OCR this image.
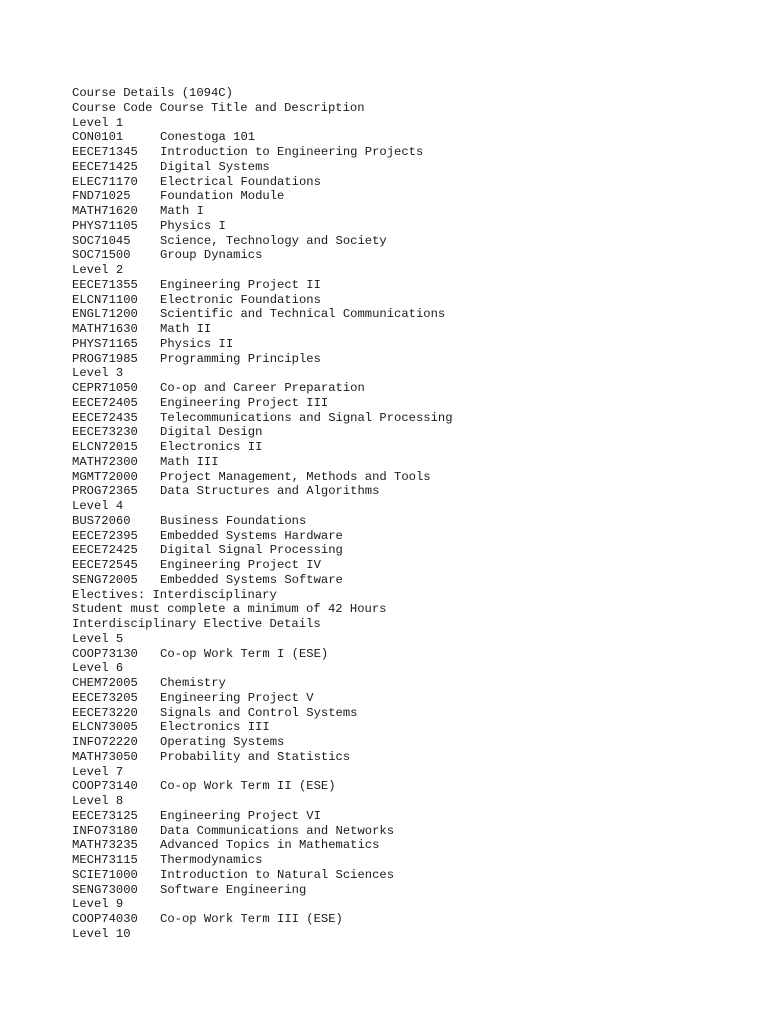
Course Details (1094C)
Course Code Course Title and Description
Level 1
CON0101	Conestoga 101
EECE71345	Introduction to Engineering Projects
EECE71425	Digital Systems
ELEC71170	Electrical Foundations
FND71025	Foundation Module
MATH71620	Math I
PHYS71105	Physics I
SOC71045	Science, Technology and Society
SOC71500	Group Dynamics
Level 2
EECE71355	Engineering Project II
ELCN71100	Electronic Foundations
ENGL71200	Scientific and Technical Communications
MATH71630	Math II
PHYS71165	Physics II
PROG71985	Programming Principles
Level 3
CEPR71050	Co-op and Career Preparation
EECE72405	Engineering Project III
EECE72435	Telecommunications and Signal Processing
EECE73230	Digital Design
ELCN72015	Electronics II
MATH72300	Math III
MGMT72000	Project Management, Methods and Tools
PROG72365	Data Structures and Algorithms
Level 4
BUS72060	Business Foundations
EECE72395	Embedded Systems Hardware
EECE72425	Digital Signal Processing
EECE72545	Engineering Project IV
SENG72005	Embedded Systems Software
Electives: Interdisciplinary
Student must complete a minimum of 42 Hours
Interdisciplinary Elective Details
Level 5
COOP73130	Co-op Work Term I (ESE)
Level 6
CHEM72005	Chemistry
EECE73205	Engineering Project V
EECE73220	Signals and Control Systems
ELCN73005	Electronics III
INFO72220	Operating Systems
MATH73050	Probability and Statistics
Level 7
COOP73140	Co-op Work Term II (ESE)
Level 8
EECE73125	Engineering Project VI
INFO73180	Data Communications and Networks
MATH73235	Advanced Topics in Mathematics
MECH73115	Thermodynamics
SCIE71000	Introduction to Natural Sciences
SENG73000	Software Engineering
Level 9
COOP74030	Co-op Work Term III (ESE)
Level 10
